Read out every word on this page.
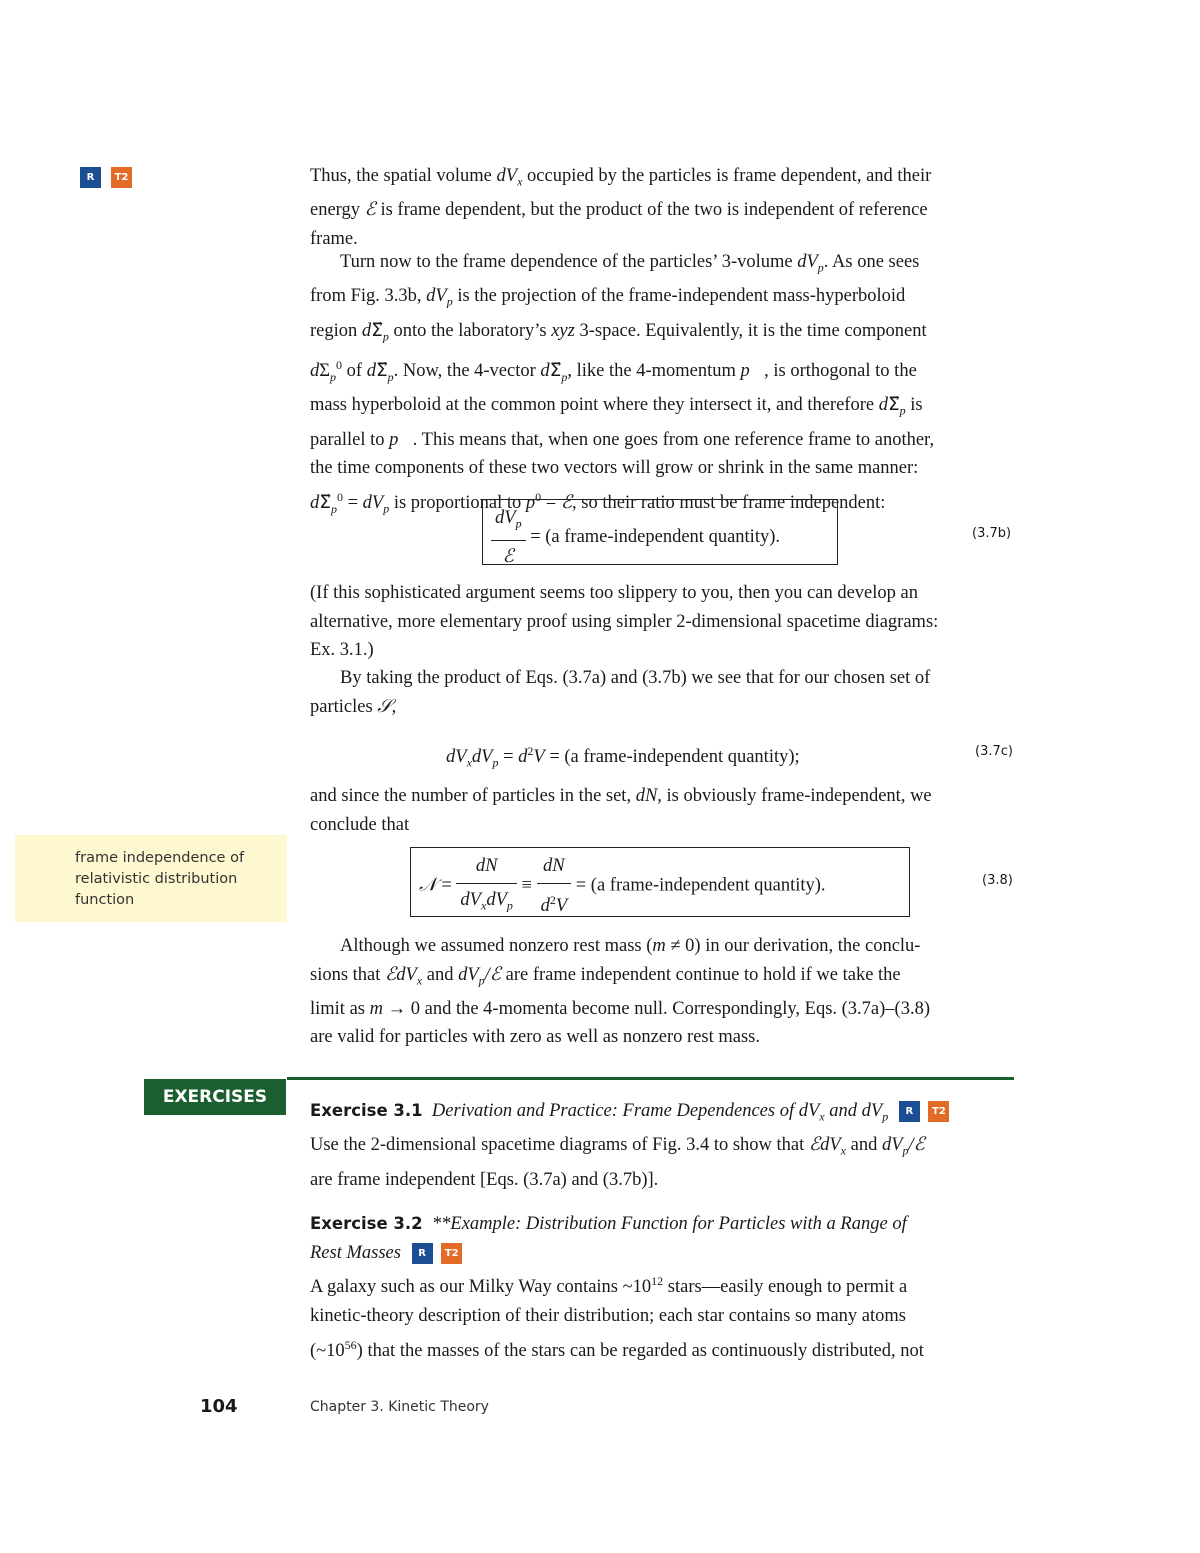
R T2	Thus, the spatial volume $dV_x$ occupied by the particles is frame dependent, and their
energy ℰ is frame dependent, but the product of the two is independent of reference
frame.
Turn now to the frame dependence of the particles’ 3-volume $dV_p$. As one sees
from Fig. 3.3b, $dV_p$ is the projection of the frame-independent mass-hyperboloid
region $d\Sigma⃗_p$ onto the laboratory’s xyz 3-space. Equivalently, it is the time component
$d\Sigma_p^0$ of $d\Sigma⃗_p$. Now, the 4-vector $d\Sigma⃗_p$, like the 4-momentum p⃗, is orthogonal to the
mass hyperboloid at the common point where they intersect it, and therefore $d\Sigma⃗_p$ is
parallel to p⃗. This means that, when one goes from one reference frame to another,
the time components of these two vectors will grow or shrink in the same manner:
$d\Sigma⃗_p^0 = dV_p$ is proportional to $p^0$ = ℰ, so their ratio must be frame independent:
$\frac{dV_p}{\text{ℰ}} = (a$ frame-independent quantity).	(3.7b)
(If this sophisticated argument seems too slippery to you, then you can develop an
alternative, more elementary proof using simpler 2-dimensional spacetime diagrams:
Ex. 3.1.)
By taking the product of Eqs. (3.7a) and (3.7b) we see that for our chosen set of
particles 𝒮,
$dV_xdV_p = d^2V = (a$ frame-independent quantity);	(3.7c)
and since the number of particles in the set, dN, is obviously frame-independent, we
conclude that
frame independence of
relativistic distribution
function
𝒩 = $\frac{dN}{dV_xdV_p} \equiv \frac{dN}{d^2V} = (a$ frame-independent quantity).	(3.8)
Although we assumed nonzero rest mass (m ≠ 0) in our derivation, the conclu-
sions that ℰdV$_x$ and $dV_p/ℰ$ are frame independent continue to hold if we take the
limit as m → 0 and the 4-momenta become null. Correspondingly, Eqs. (3.7a)–(3.8)
are valid for particles with zero as well as nonzero rest mass.
EXERCISES
Exercise 3.1 Derivation and Practice: Frame Dependences of $dV_x$ and $dV_p$ R T2
Use the 2-dimensional spacetime diagrams of Fig. 3.4 to show that ℰdV$_x$ and $dV_p/ℰ$
are frame independent [Eqs. (3.7a) and (3.7b)].
Exercise 3.2 **Example: Distribution Function for Particles with a Range of
Rest Masses R T2
A galaxy such as our Milky Way contains $\sim 10^{12}$ stars—easily enough to permit a
kinetic-theory description of their distribution; each star contains so many atoms
$(\sim 10^{56})$ that the masses of the stars can be regarded as continuously distributed, not
104	Chapter 3. Kinetic Theory
